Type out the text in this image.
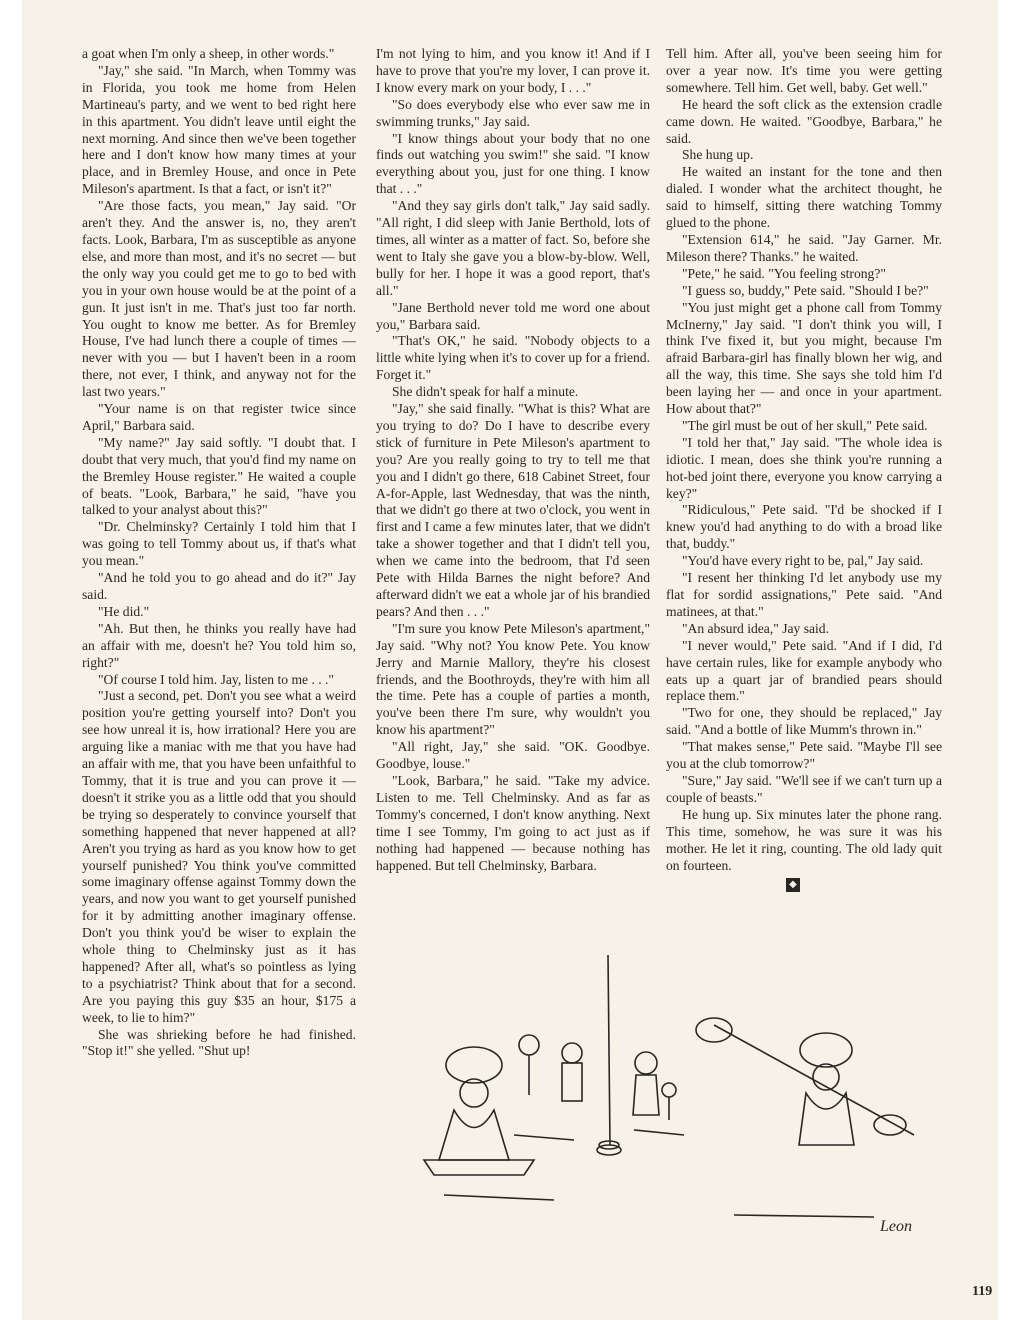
a goat when I'm only a sheep, in other words."

"Jay," she said. "In March, when Tommy was in Florida, you took me home from Helen Martineau's party, and we went to bed right here in this apartment. You didn't leave until eight the next morning. And since then we've been together here and I don't know how many times at your place, and in Bremley House, and once in Pete Mileson's apartment. Is that a fact, or isn't it?"

"Are those facts, you mean," Jay said. "Or aren't they. And the answer is, no, they aren't facts. Look, Barbara, I'm as susceptible as anyone else, and more than most, and it's no secret — but the only way you could get me to go to bed with you in your own house would be at the point of a gun. It just isn't in me. That's just too far north. You ought to know me better. As for Bremley House, I've had lunch there a couple of times — never with you — but I haven't been in a room there, not ever, I think, and anyway not for the last two years."

"Your name is on that register twice since April," Barbara said.

"My name?" Jay said softly. "I doubt that. I doubt that very much, that you'd find my name on the Bremley House register." He waited a couple of beats. "Look, Barbara," he said, "have you talked to your analyst about this?"

"Dr. Chelminsky? Certainly I told him that I was going to tell Tommy about us, if that's what you mean."

"And he told you to go ahead and do it?" Jay said.

"He did."

"Ah. But then, he thinks you really have had an affair with me, doesn't he? You told him so, right?"

"Of course I told him. Jay, listen to me . . ."

"Just a second, pet. Don't you see what a weird position you're getting yourself into? Don't you see how unreal it is, how irrational? Here you are arguing like a maniac with me that you have had an affair with me, that you have been unfaithful to Tommy, that it is true and you can prove it — doesn't it strike you as a little odd that you should be trying so desperately to convince yourself that something happened that never happened at all? Aren't you trying as hard as you know how to get yourself punished? You think you've committed some imaginary offense against Tommy down the years, and now you want to get yourself punished for it by admitting another imaginary offense. Don't you think you'd be wiser to explain the whole thing to Chelminsky just as it has happened? After all, what's so pointless as lying to a psychiatrist? Think about that for a second. Are you paying this guy $35 an hour, $175 a week, to lie to him?"

She was shrieking before he had finished. "Stop it!" she yelled. "Shut up!

I'm not lying to him, and you know it! And if I have to prove that you're my lover, I can prove it. I know every mark on your body, I . . ."

"So does everybody else who ever saw me in swimming trunks," Jay said.

"I know things about your body that no one finds out watching you swim!" she said. "I know everything about you, just for one thing. I know that . . ."

"And they say girls don't talk," Jay said sadly. "All right, I did sleep with Janie Berthold, lots of times, all winter as a matter of fact. So, before she went to Italy she gave you a blow-by-blow. Well, bully for her. I hope it was a good report, that's all."

"Jane Berthold never told me word one about you," Barbara said.

"That's OK," he said. "Nobody objects to a little white lying when it's to cover up for a friend. Forget it."

She didn't speak for half a minute.

"Jay," she said finally. "What is this? What are you trying to do? Do I have to describe every stick of furniture in Pete Mileson's apartment to you? Are you really going to try to tell me that you and I didn't go there, 618 Cabinet Street, four A-for-Apple, last Wednesday, that was the ninth, that we didn't go there at two o'clock, you went in first and I came a few minutes later, that we didn't take a shower together and that I didn't tell you, when we came into the bedroom, that I'd seen Pete with Hilda Barnes the night before? And afterward didn't we eat a whole jar of his brandied pears? And then . . ."

"I'm sure you know Pete Mileson's apartment," Jay said. "Why not? You know Pete. You know Jerry and Marnie Mallory, they're his closest friends, and the Boothroyds, they're with him all the time. Pete has a couple of parties a month, you've been there I'm sure, why wouldn't you know his apartment?"

"All right, Jay," she said. "OK. Goodbye. Goodbye, louse."

"Look, Barbara," he said. "Take my advice. Listen to me. Tell Chelminsky. And as far as Tommy's concerned, I don't know anything. Next time I see Tommy, I'm going to act just as if nothing had happened — because nothing has happened. But tell Chelminsky, Barbara.

Tell him. After all, you've been seeing him for over a year now. It's time you were getting somewhere. Tell him. Get well, baby. Get well."

He heard the soft click as the extension cradle came down. He waited. "Goodbye, Barbara," he said.

She hung up.

He waited an instant for the tone and then dialed. I wonder what the architect thought, he said to himself, sitting there watching Tommy glued to the phone.

"Extension 614," he said. "Jay Garner. Mr. Mileson there? Thanks." he waited.

"Pete," he said. "You feeling strong?"

"I guess so, buddy," Pete said. "Should I be?"

"You just might get a phone call from Tommy McInerny," Jay said. "I don't think you will, I think I've fixed it, but you might, because I'm afraid Barbara-girl has finally blown her wig, and all the way, this time. She says she told him I'd been laying her — and once in your apartment. How about that?"

"The girl must be out of her skull," Pete said.

"I told her that," Jay said. "The whole idea is idiotic. I mean, does she think you're running a hot-bed joint there, everyone you know carrying a key?"

"Ridiculous," Pete said. "I'd be shocked if I knew you'd had anything to do with a broad like that, buddy."

"You'd have every right to be, pal," Jay said.

"I resent her thinking I'd let anybody use my flat for sordid assignations," Pete said. "And matinees, at that."

"An absurd idea," Jay said.

"I never would," Pete said. "And if I did, I'd have certain rules, like for example anybody who eats up a quart jar of brandied pears should replace them."

"Two for one, they should be replaced," Jay said. "And a bottle of like Mumm's thrown in."

"That makes sense," Pete said. "Maybe I'll see you at the club tomorrow?"

"Sure," Jay said. "We'll see if we can't turn up a couple of beasts."

He hung up. Six minutes later the phone rang. This time, somehow, he was sure it was his mother. He let it ring, counting. The old lady quit on fourteen.

◆
Leon
119
